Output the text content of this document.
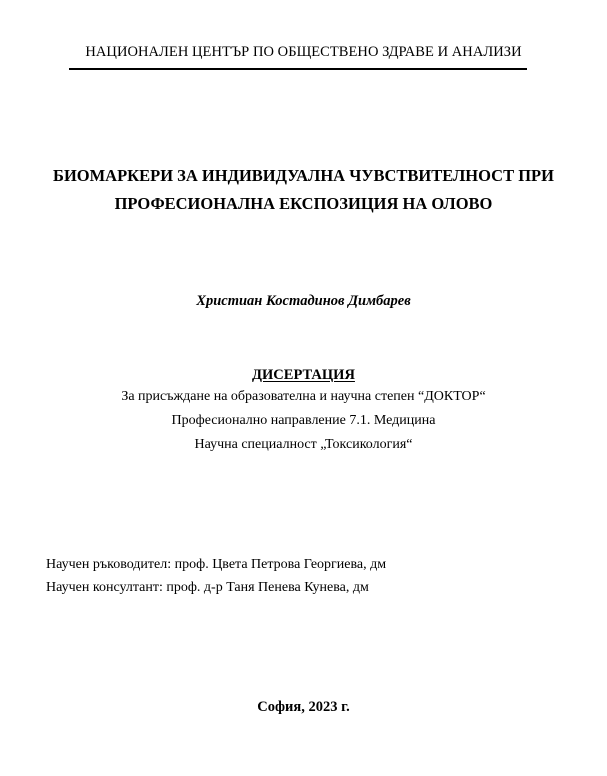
НАЦИОНАЛЕН ЦЕНТЪР ПО ОБЩЕСТВЕНО ЗДРАВЕ И АНАЛИЗИ

БИОМАРКЕРИ ЗА ИНДИВИДУАЛНА ЧУВСТВИТЕЛНОСТ ПРИ

ПРОФЕСИОНАЛНА ЕКСПОЗИЦИЯ НА ОЛОВО

Христиан Костадинов Димбарев

ДИСЕРТАЦИЯ

За присъждане на образователна и научна степен “ДОКТОР“

Професионално направление 7.1. Медицина

Научна специалност „Токсикология“

Научен ръководител: проф. Цвета Петрова Георгиева, дм

Научен консултант: проф. д-р Таня Пенева Кунева, дм

София, 2023 г.
